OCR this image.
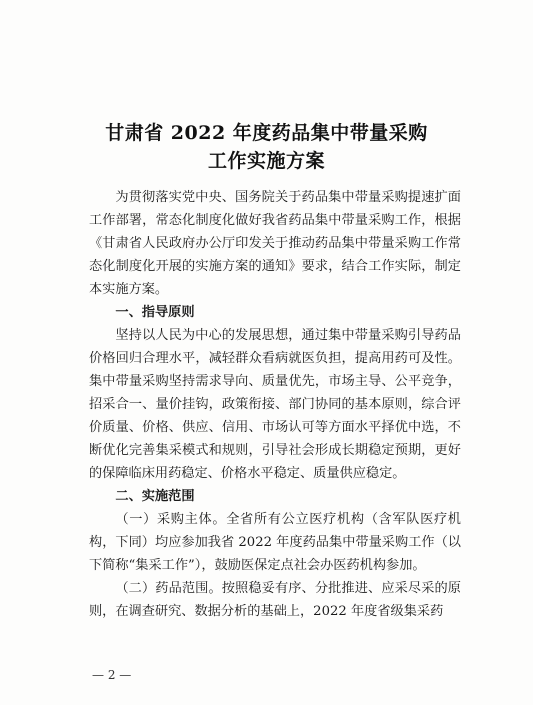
甘肃省 2022 年度药品集中带量采购
工作实施方案

为贯彻落实党中央、国务院关于药品集中带量采购提速扩面工作部署，常态化制度化做好我省药品集中带量采购工作，根据《甘肃省人民政府办公厅印发关于推动药品集中带量采购工作常态化制度化开展的实施方案的通知》要求，结合工作实际，制定本实施方案。

一、指导原则

坚持以人民为中心的发展思想，通过集中带量采购引导药品价格回归合理水平，减轻群众看病就医负担，提高用药可及性。集中带量采购坚持需求导向、质量优先，市场主导、公平竞争，招采合一、量价挂钩，政策衔接、部门协同的基本原则，综合评价质量、价格、供应、信用、市场认可等方面水平择优中选，不断优化完善集采模式和规则，引导社会形成长期稳定预期，更好的保障临床用药稳定、价格水平稳定、质量供应稳定。

二、实施范围

（一）采购主体。全省所有公立医疗机构（含军队医疗机构，下同）均应参加我省 2022 年度药品集中带量采购工作（以下简称“集采工作”），鼓励医保定点社会办医药机构参加。

（二）药品范围。按照稳妥有序、分批推进、应采尽采的原则，在调查研究、数据分析的基础上，2022 年度省级集采药

— 2 —
